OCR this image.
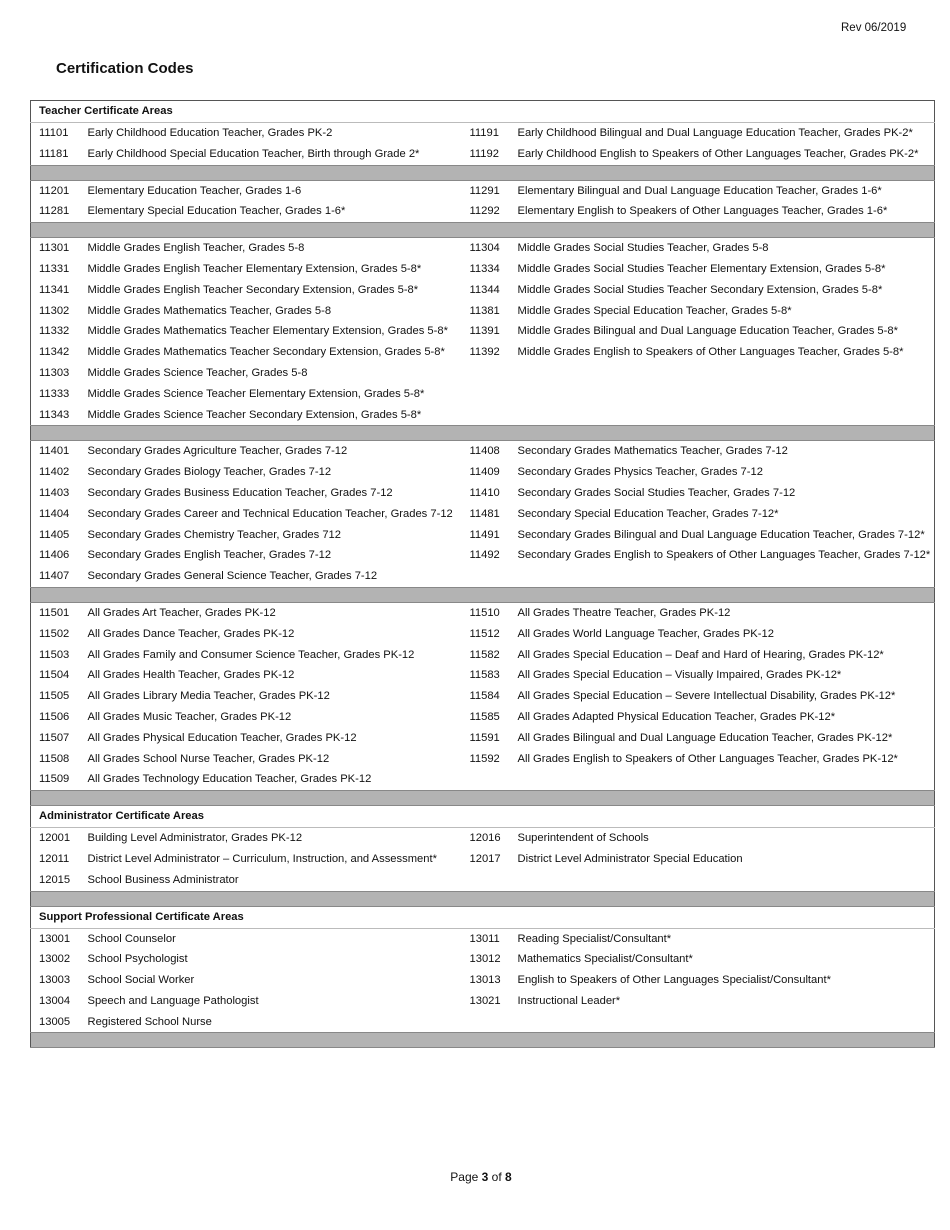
Rev 06/2019
Certification Codes
Teacher Certificate Areas			
11101	Early Childhood Education Teacher, Grades PK-2	11191	Early Childhood Bilingual and Dual Language Education Teacher, Grades PK-2*
11181	Early Childhood Special Education Teacher, Birth through Grade 2*	11192	Early Childhood English to Speakers of Other Languages Teacher, Grades PK-2*

11201	Elementary Education Teacher, Grades 1-6	11291	Elementary Bilingual and Dual Language Education Teacher, Grades 1-6*
11281	Elementary Special Education Teacher, Grades 1-6*	11292	Elementary English to Speakers of Other Languages Teacher, Grades 1-6*

11301	Middle Grades English Teacher, Grades 5-8	11304	Middle Grades Social Studies Teacher, Grades 5-8
11331	Middle Grades English Teacher Elementary Extension, Grades 5-8*	11334	Middle Grades Social Studies Teacher Elementary Extension, Grades 5-8*
11341	Middle Grades English Teacher Secondary Extension, Grades 5-8*	11344	Middle Grades Social Studies Teacher Secondary Extension, Grades 5-8*
11302	Middle Grades Mathematics Teacher, Grades 5-8	11381	Middle Grades Special Education Teacher, Grades 5-8*
11332	Middle Grades Mathematics Teacher Elementary Extension, Grades 5-8*	11391	Middle Grades Bilingual and Dual Language Education Teacher, Grades 5-8*
11342	Middle Grades Mathematics Teacher Secondary Extension, Grades 5-8*	11392	Middle Grades English to Speakers of Other Languages Teacher, Grades 5-8*
11303	Middle Grades Science Teacher, Grades 5-8		
11333	Middle Grades Science Teacher Elementary Extension, Grades 5-8*		
11343	Middle Grades Science Teacher Secondary Extension, Grades 5-8*		

11401	Secondary Grades Agriculture Teacher, Grades 7-12	11408	Secondary Grades Mathematics Teacher, Grades 7-12
11402	Secondary Grades Biology Teacher, Grades 7-12	11409	Secondary Grades Physics Teacher, Grades 7-12
11403	Secondary Grades Business Education Teacher, Grades 7-12	11410	Secondary Grades Social Studies Teacher, Grades 7-12
11404	Secondary Grades Career and Technical Education Teacher, Grades 7-12	11481	Secondary Special Education Teacher, Grades 7-12*
11405	Secondary Grades Chemistry Teacher, Grades 712	11491	Secondary Grades Bilingual and Dual Language Education Teacher, Grades 7-12*
11406	Secondary Grades English Teacher, Grades 7-12	11492	Secondary Grades English to Speakers of Other Languages Teacher, Grades 7-12*
11407	Secondary Grades General Science Teacher, Grades 7-12		

11501	All Grades Art Teacher, Grades PK-12	11510	All Grades Theatre Teacher, Grades PK-12
11502	All Grades Dance Teacher, Grades PK-12	11512	All Grades World Language Teacher, Grades PK-12
11503	All Grades Family and Consumer Science Teacher, Grades PK-12	11582	All Grades Special Education – Deaf and Hard of Hearing, Grades PK-12*
11504	All Grades Health Teacher, Grades PK-12	11583	All Grades Special Education – Visually Impaired, Grades PK-12*
11505	All Grades Library Media Teacher, Grades PK-12	11584	All Grades Special Education – Severe Intellectual Disability, Grades PK-12*
11506	All Grades Music Teacher, Grades PK-12	11585	All Grades Adapted Physical Education Teacher, Grades PK-12*
11507	All Grades Physical Education Teacher, Grades PK-12	11591	All Grades Bilingual and Dual Language Education Teacher, Grades PK-12*
11508	All Grades School Nurse Teacher, Grades PK-12	11592	All Grades English to Speakers of Other Languages Teacher, Grades PK-12*
11509	All Grades Technology Education Teacher, Grades PK-12		

Administrator Certificate Areas			
12001	Building Level Administrator, Grades PK-12	12016	Superintendent of Schools
12011	District Level Administrator – Curriculum, Instruction, and Assessment*	12017	District Level Administrator Special Education
12015	School Business Administrator		

Support Professional Certificate Areas			
13001	School Counselor	13011	Reading Specialist/Consultant*
13002	School Psychologist	13012	Mathematics Specialist/Consultant*
13003	School Social Worker	13013	English to Speakers of Other Languages Specialist/Consultant*
13004	Speech and Language Pathologist	13021	Instructional Leader*
13005	Registered School Nurse		

Page 3 of 8
